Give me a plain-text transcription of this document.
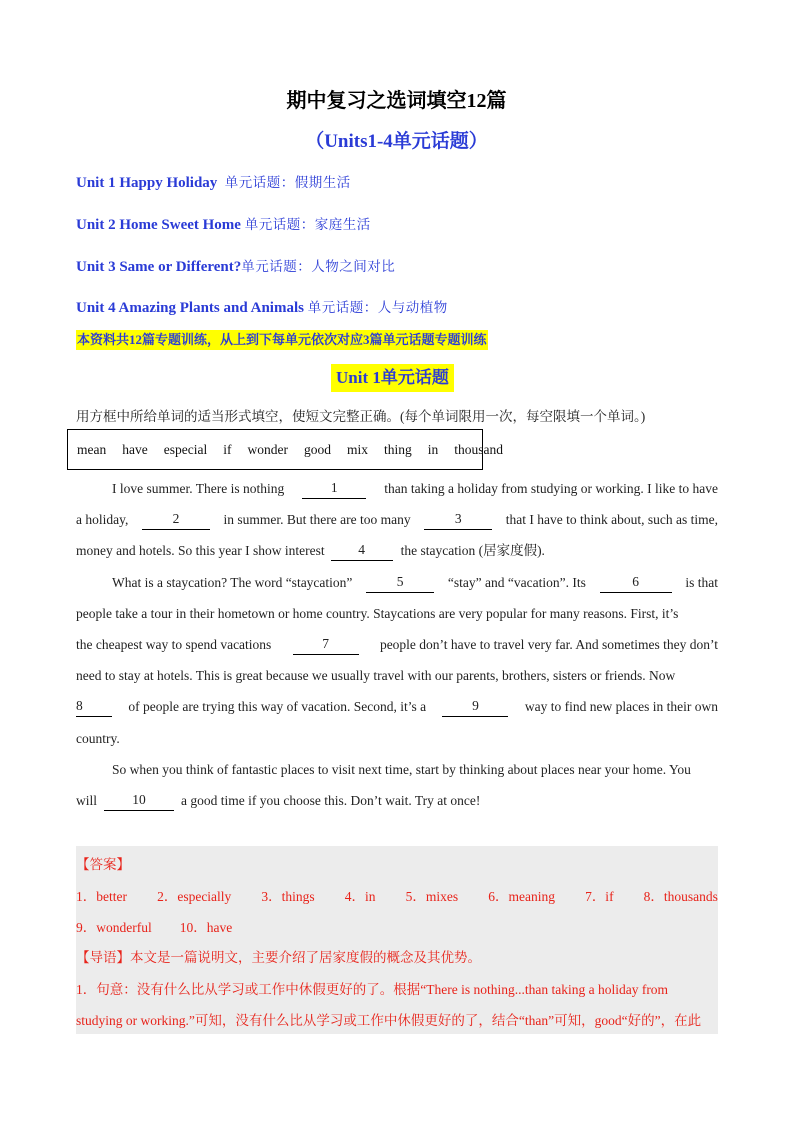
期中复习之选词填空12篇
（Units1-4单元话题）
Unit 1 Happy Holiday 单元话题：假期生活
Unit 2 Home Sweet Home 单元话题：家庭生活
Unit 3 Same or Different?单元话题：人物之间对比
Unit 4 Amazing Plants and Animals 单元话题：人与动植物
本资料共12篇专题训练，从上到下每单元依次对应3篇单元话题专题训练
Unit 1单元话题
用方框中所给单词的适当形式填空，使短文完整正确。(每个单词限用一次，每空限填一个单词。)
mean have especial if wonder good mix thing in thousand
I love summer. There is nothing	1	than taking a holiday from studying or working. I like to have
a holiday,	2	in summer. But there are too many	3	that I have to think about, such as time,
money and hotels. So this year I show interest	4	the staycation (居家度假).
What is a staycation? The word “staycation”	5	“stay” and “vacation”. Its	6	is that
people take a tour in their hometown or home country. Staycations are very popular for many reasons. First, it’s
the cheapest way to spend vacations	7	people don’t have to travel very far. And sometimes they don’t
need to stay at hotels. This is great because we usually travel with our parents, brothers, sisters or friends. Now
8	of people are trying this way of vacation. Second, it’s a	9	way to find new places in their own
country.
So when you think of fantastic places to visit next time, start by thinking about places near your home. You
will	10	a good time if you choose this. Don’t wait. Try at once!
【答案】
1．better 2．especially 3．things 4．in 5．mixes 6．meaning 7．if 8．thousands
9．wonderful 10．have
【导语】本文是一篇说明文，主要介绍了居家度假的概念及其优势。
1．句意：没有什么比从学习或工作中休假更好的了。根据“There is nothing...than taking a holiday from
studying or working.”可知，没有什么比从学习或工作中休假更好的了，结合“than”可知，good“好的”，在此
